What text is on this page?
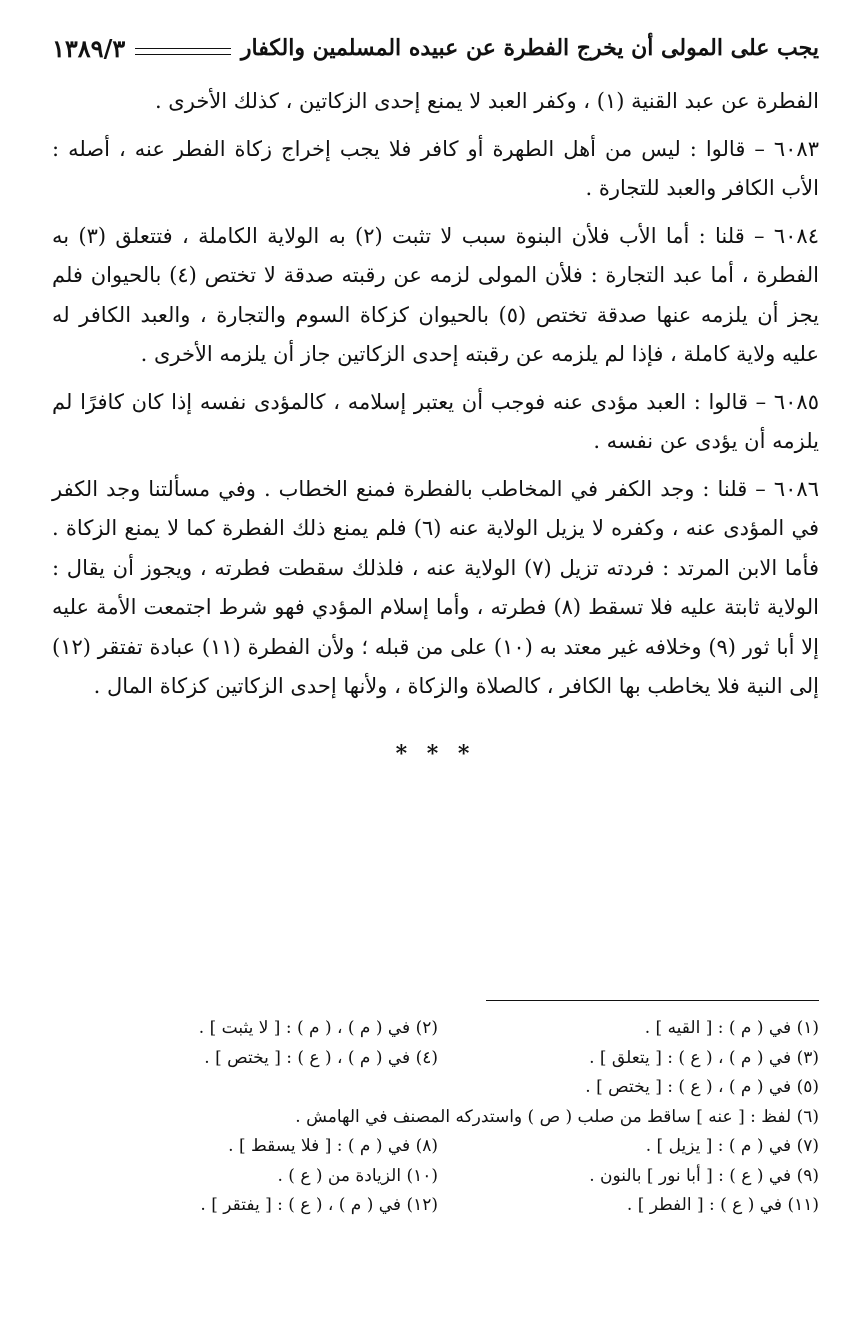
يجب على المولى أن يخرج الفطرة عن عبيده المسلمين والكفار
١٣٨٩/٣

الفطرة عن عبد القنية (١) ، وكفر العبد لا يمنع إحدى الزكاتين ، كذلك الأخرى .

٦٠٨٣ – قالوا : ليس من أهل الطهرة أو كافر فلا يجب إخراج زكاة الفطر عنه ، أصله : الأب الكافر والعبد للتجارة .

٦٠٨٤ – قلنا : أما الأب فلأن البنوة سبب لا تثبت (٢) به الولاية الكاملة ، فتتعلق (٣) به الفطرة ، أما عبد التجارة : فلأن المولى لزمه عن رقبته صدقة لا تختص (٤) بالحيوان فلم يجز أن يلزمه عنها صدقة تختص (٥) بالحيوان كزكاة السوم والتجارة ، والعبد الكافر له عليه ولاية كاملة ، فإذا لم يلزمه عن رقبته إحدى الزكاتين جاز أن يلزمه الأخرى .

٦٠٨٥ – قالوا : العبد مؤدى عنه فوجب أن يعتبر إسلامه ، كالمؤدى نفسه إذا كان كافرًا لم يلزمه أن يؤدى عن نفسه .

٦٠٨٦ – قلنا : وجد الكفر في المخاطب بالفطرة فمنع الخطاب . وفي مسألتنا وجد الكفر في المؤدى عنه ، وكفره لا يزيل الولاية عنه (٦) فلم يمنع ذلك الفطرة كما لا يمنع الزكاة . فأما الابن المرتد : فردته تزيل (٧) الولاية عنه ، فلذلك سقطت فطرته ، ويجوز أن يقال : الولاية ثابتة عليه فلا تسقط (٨) فطرته ، وأما إسلام المؤدي فهو شرط اجتمعت الأمة عليه إلا أبا ثور (٩) وخلافه غير معتد به (١٠) على من قبله ؛ ولأن الفطرة (١١) عبادة تفتقر (١٢) إلى النية فلا يخاطب بها الكافر ، كالصلاة والزكاة ، ولأنها إحدى الزكاتين كزكاة المال .

* * *
(١) في ( م ) : [ القيه ] .
(٢) في ( م ) ، ( م ) : [ لا يثبت ] .
(٣) في ( م ) ، ( ع ) : [ يتعلق ] .
(٤) في ( م ) ، ( ع ) : [ يختص ] .
(٥) في ( م ) ، ( ع ) : [ يختص ] .
(٦) لفظ : [ عنه ] ساقط من صلب ( ص ) واستدركه المصنف في الهامش .
(٧) في ( م ) : [ يزيل ] .
(٨) في ( م ) : [ فلا يسقط ] .
(٩) في ( ع ) : [ أبا نور ] بالنون .
(١٠) الزيادة من ( ع ) .
(١١) في ( ع ) : [ الفطر ] .
(١٢) في ( م ) ، ( ع ) : [ يفتقر ] .
